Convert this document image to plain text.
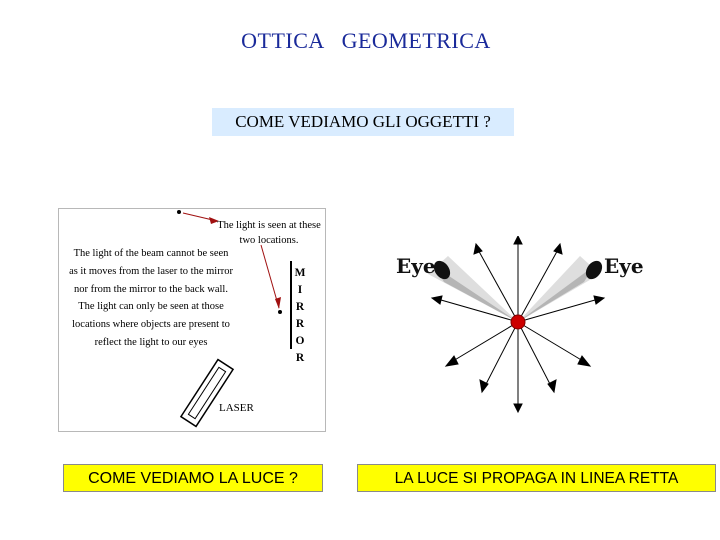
OTTICA   GEOMETRICA
COME VEDIAMO GLI OGGETTI ?
The light of the beam cannot be seen as it moves from the laser to the mirror nor from the mirror to the back wall. The light can only be seen at those locations where objects are present to reflect the light to our eyes
The light is seen at these two locations.
M
I
R
R
O
R
LASER
Eye	Eye
COME VEDIAMO LA LUCE ?	LA LUCE SI PROPAGA IN LINEA RETTA
